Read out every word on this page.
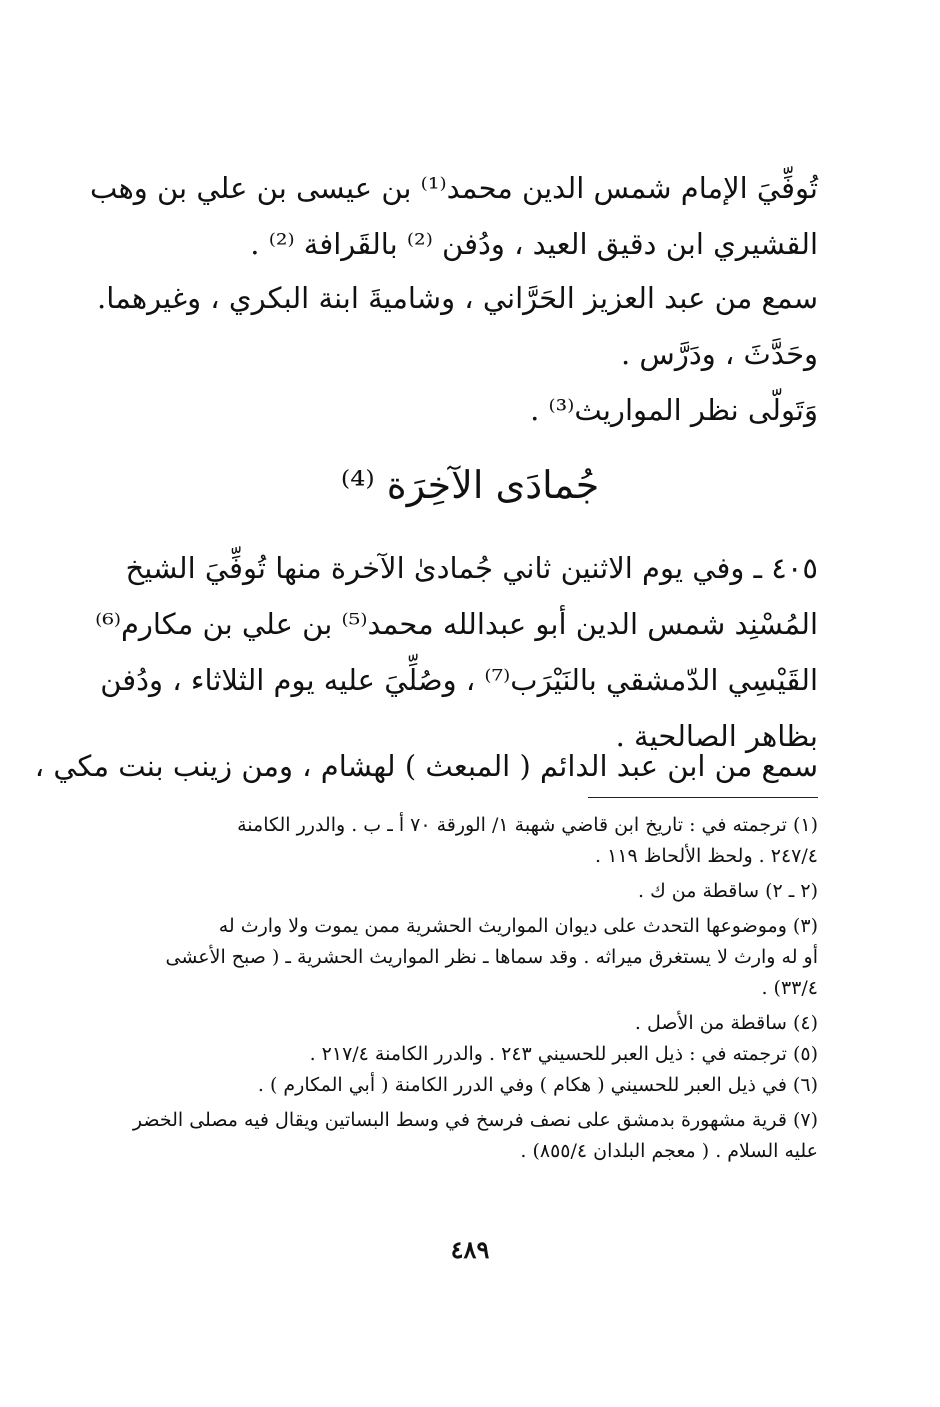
تُوفِّيَ الإمام شمس الدين محمد⁽¹⁾ بن عيسى بن علي بن وهب
القشيري ابن دقيق العيد ، ودُفن ⁽²⁾ بالقَرافة ⁽²⁾ .
سمع من عبد العزيز الحَرَّاني ، وشاميةَ ابنة البكري ، وغيرهما.
وحَدَّثَ ، ودَرَّس .
وَتَولّى نظر المواريث⁽³⁾ .
جُمادَى الآخِرَة ⁽⁴⁾
٤٠٥ ـ وفي يوم الاثنين ثاني جُمادىٰ الآخرة منها تُوفِّيَ الشيخ
المُسْنِد شمس الدين أبو عبدالله محمد⁽⁵⁾ بن علي بن مكارم⁽⁶⁾
القَيْسِي الدّمشقي بالنَيْرَب⁽⁷⁾ ، وصُلِّيَ عليه يوم الثلاثاء ، ودُفن
بظاهر الصالحية .
سمع من ابن عبد الدائم ( المبعث ) لهشام ، ومن زينب بنت مكي ،
(١) ترجمته في : تاريخ ابن قاضي شهبة ١/ الورقة ٧٠ أ ـ ب . والدرر الكامنة
٢٤٧/٤ . ولحظ الألحاظ ١١٩ .
(٢ ـ ٢) ساقطة من ك .
(٣) وموضوعها التحدث على ديوان المواريث الحشرية ممن يموت ولا وارث له
أو له وارث لا يستغرق ميراثه . وقد سماها ـ نظر المواريث الحشرية ـ ( صبح الأعشى
٣٣/٤) .
(٤) ساقطة من الأصل .
(٥) ترجمته في : ذيل العبر للحسيني ٢٤٣ . والدرر الكامنة ٢١٧/٤ .
(٦) في ذيل العبر للحسيني ( هكام ) وفي الدرر الكامنة ( أبي المكارم ) .
(٧) قرية مشهورة بدمشق على نصف فرسخ في وسط البساتين ويقال فيه مصلى الخضر
عليه السلام . ( معجم البلدان ٨٥٥/٤) .
٤٨٩
